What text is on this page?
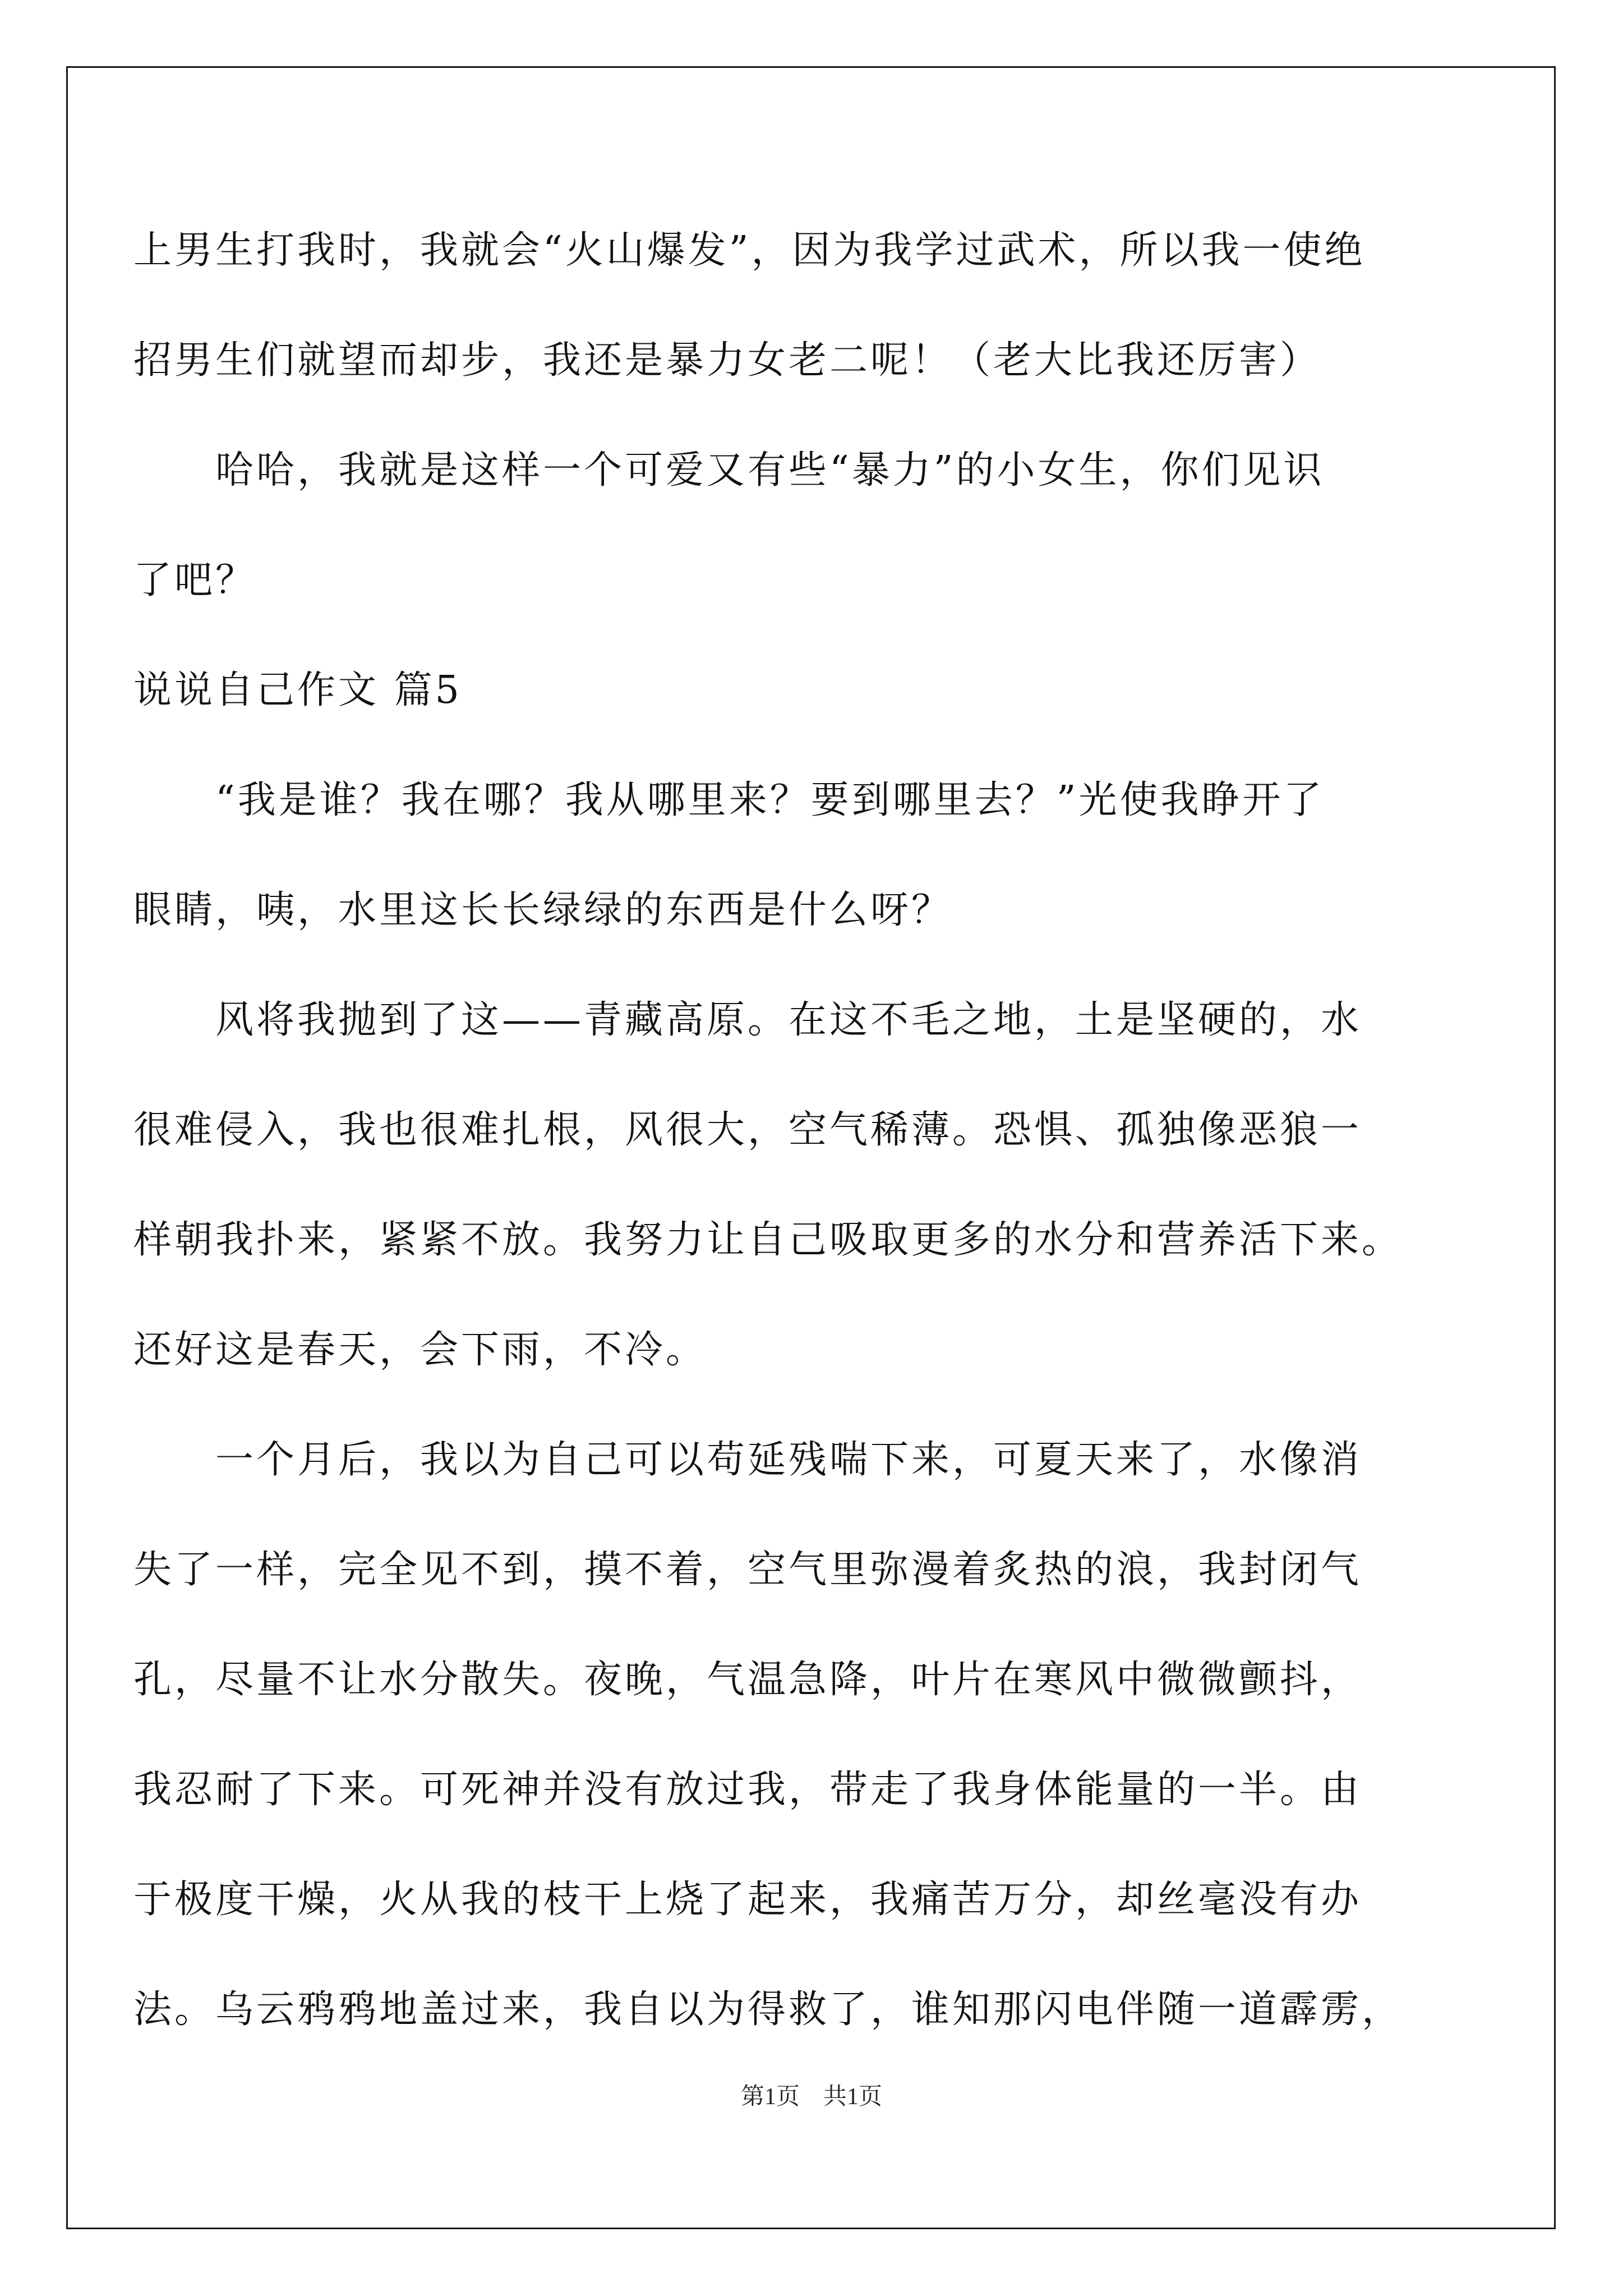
上男生打我时，我就会“火山爆发”，因为我学过武术，所以我一使绝
招男生们就望而却步，我还是暴力女老二呢！（老大比我还厉害）
　　哈哈，我就是这样一个可爱又有些“暴力”的小女生，你们见识
了吧？
说说自己作文 篇5
　　“我是谁？我在哪？我从哪里来？要到哪里去？”光使我睁开了
眼睛，咦，水里这长长绿绿的东西是什么呀？
　　风将我抛到了这——青藏高原。在这不毛之地，土是坚硬的，水
很难侵入，我也很难扎根，风很大，空气稀薄。恐惧、孤独像恶狼一
样朝我扑来，紧紧不放。我努力让自己吸取更多的水分和营养活下来。
还好这是春天，会下雨，不冷。
　　一个月后，我以为自己可以苟延残喘下来，可夏天来了，水像消
失了一样，完全见不到，摸不着，空气里弥漫着炙热的浪，我封闭气
孔，尽量不让水分散失。夜晚，气温急降，叶片在寒风中微微颤抖，
我忍耐了下来。可死神并没有放过我，带走了我身体能量的一半。由
于极度干燥，火从我的枝干上烧了起来，我痛苦万分，却丝毫没有办
法。乌云鸦鸦地盖过来，我自以为得救了，谁知那闪电伴随一道霹雳，
第1页　共1页
